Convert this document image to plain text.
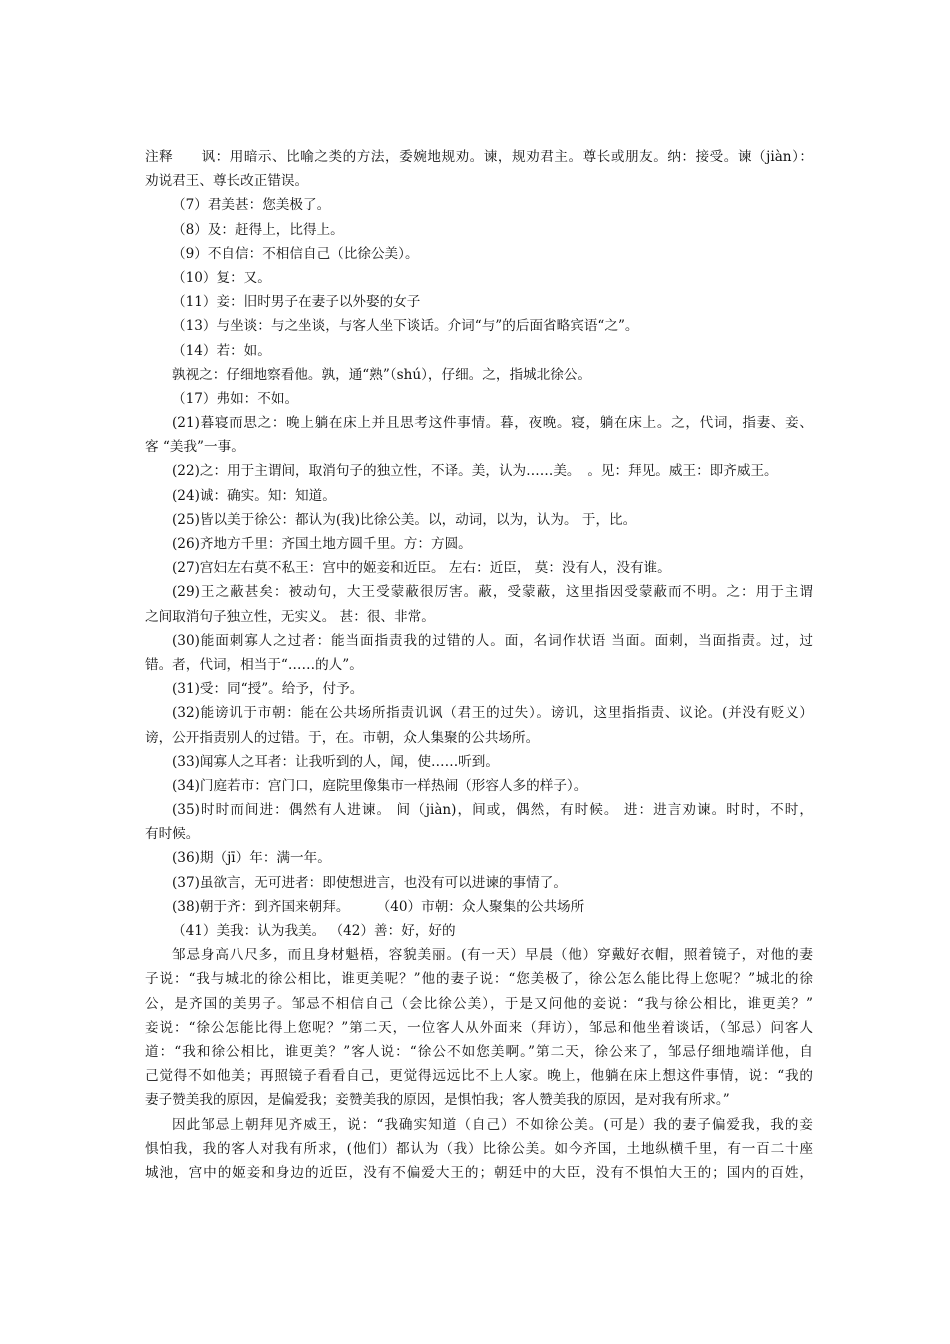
注释　　讽：用暗示、比喻之类的方法，委婉地规劝。谏，规劝君主。尊长或朋友。纳：接受。谏（jiàn）：
劝说君王、尊长改正错误。
（7）君美甚：您美极了。
（8）及：赶得上，比得上。
（9）不自信：不相信自己（比徐公美）。
（10）复：又。
（11）妾：旧时男子在妻子以外娶的女子
（13）与坐谈：与之坐谈，与客人坐下谈话。介词“与”的后面省略宾语“之”。
（14）若：如。
孰视之：仔细地察看他。孰，通“熟”（shú），仔细。之，指城北徐公。
（17）弗如：不如。
(21)暮寝而思之：晚上躺在床上并且思考这件事情。暮，夜晚。寝，躺在床上。之，代词，指妻、妾、
客 “美我”一事。
(22)之：用于主谓间，取消句子的独立性，不译。美，认为……美。　。见：拜见。威王：即齐威王。
(24)诚：确实。知：知道。
(25)皆以美于徐公：都认为(我)比徐公美。以，动词，以为，认为。 于，比。
(26)齐地方千里：齐国土地方圆千里。方：方圆。
(27)宫妇左右莫不私王：宫中的姬妾和近臣。 左右：近臣， 莫：没有人，没有谁。
(29)王之蔽甚矣：被动句，大王受蒙蔽很厉害。蔽，受蒙蔽，这里指因受蒙蔽而不明。之：用于主谓
之间取消句子独立性，无实义。 甚：很、非常。
(30)能面刺寡人之过者：能当面指责我的过错的人。面，名词作状语 当面。面刺，当面指责。过，过
错。者，代词，相当于“……的人”。
(31)受：同“授”。给予，付予。
(32)能谤讥于市朝：能在公共场所指责讥讽（君王的过失）。谤讥，这里指指责、议论。(并没有贬义）
谤，公开指责别人的过错。于，在。市朝，众人集聚的公共场所。
(33)闻寡人之耳者：让我听到的人，闻，使……听到。
(34)门庭若市：宫门口，庭院里像集市一样热闹（形容人多的样子）。
(35)时时而间进：偶然有人进谏。 间（jiàn)，间或，偶然，有时候。 进：进言劝谏。时时，不时，
有时候。
(36)期（jī）年：满一年。
(37)虽欲言，无可进者：即使想进言，也没有可以进谏的事情了。
(38)朝于齐：到齐国来朝拜。　　　（40）市朝：众人聚集的公共场所
（41）美我：认为我美。 （42）善：好，好的
邹忌身高八尺多，而且身材魁梧，容貌美丽。(有一天）早晨（他）穿戴好衣帽，照着镜子，对他的妻
子说：“我与城北的徐公相比，谁更美呢？”他的妻子说：“您美极了，徐公怎么能比得上您呢？”城北的徐
公，是齐国的美男子。邹忌不相信自己（会比徐公美），于是又问他的妾说：“我与徐公相比，谁更美？”
妾说：“徐公怎能比得上您呢？”第二天，一位客人从外面来（拜访），邹忌和他坐着谈话，（邹忌）问客人
道：“我和徐公相比，谁更美？”客人说：“徐公不如您美啊。”第二天，徐公来了，邹忌仔细地端详他，自
己觉得不如他美；再照镜子看看自己，更觉得远远比不上人家。晚上，他躺在床上想这件事情，说：“我的
妻子赞美我的原因，是偏爱我；妾赞美我的原因，是惧怕我；客人赞美我的原因，是对我有所求。”
因此邹忌上朝拜见齐威王，说：“我确实知道（自己）不如徐公美。(可是）我的妻子偏爱我，我的妾
惧怕我，我的客人对我有所求，(他们）都认为（我）比徐公美。如今齐国，土地纵横千里，有一百二十座
城池，宫中的姬妾和身边的近臣，没有不偏爱大王的；朝廷中的大臣，没有不惧怕大王的；国内的百姓，
